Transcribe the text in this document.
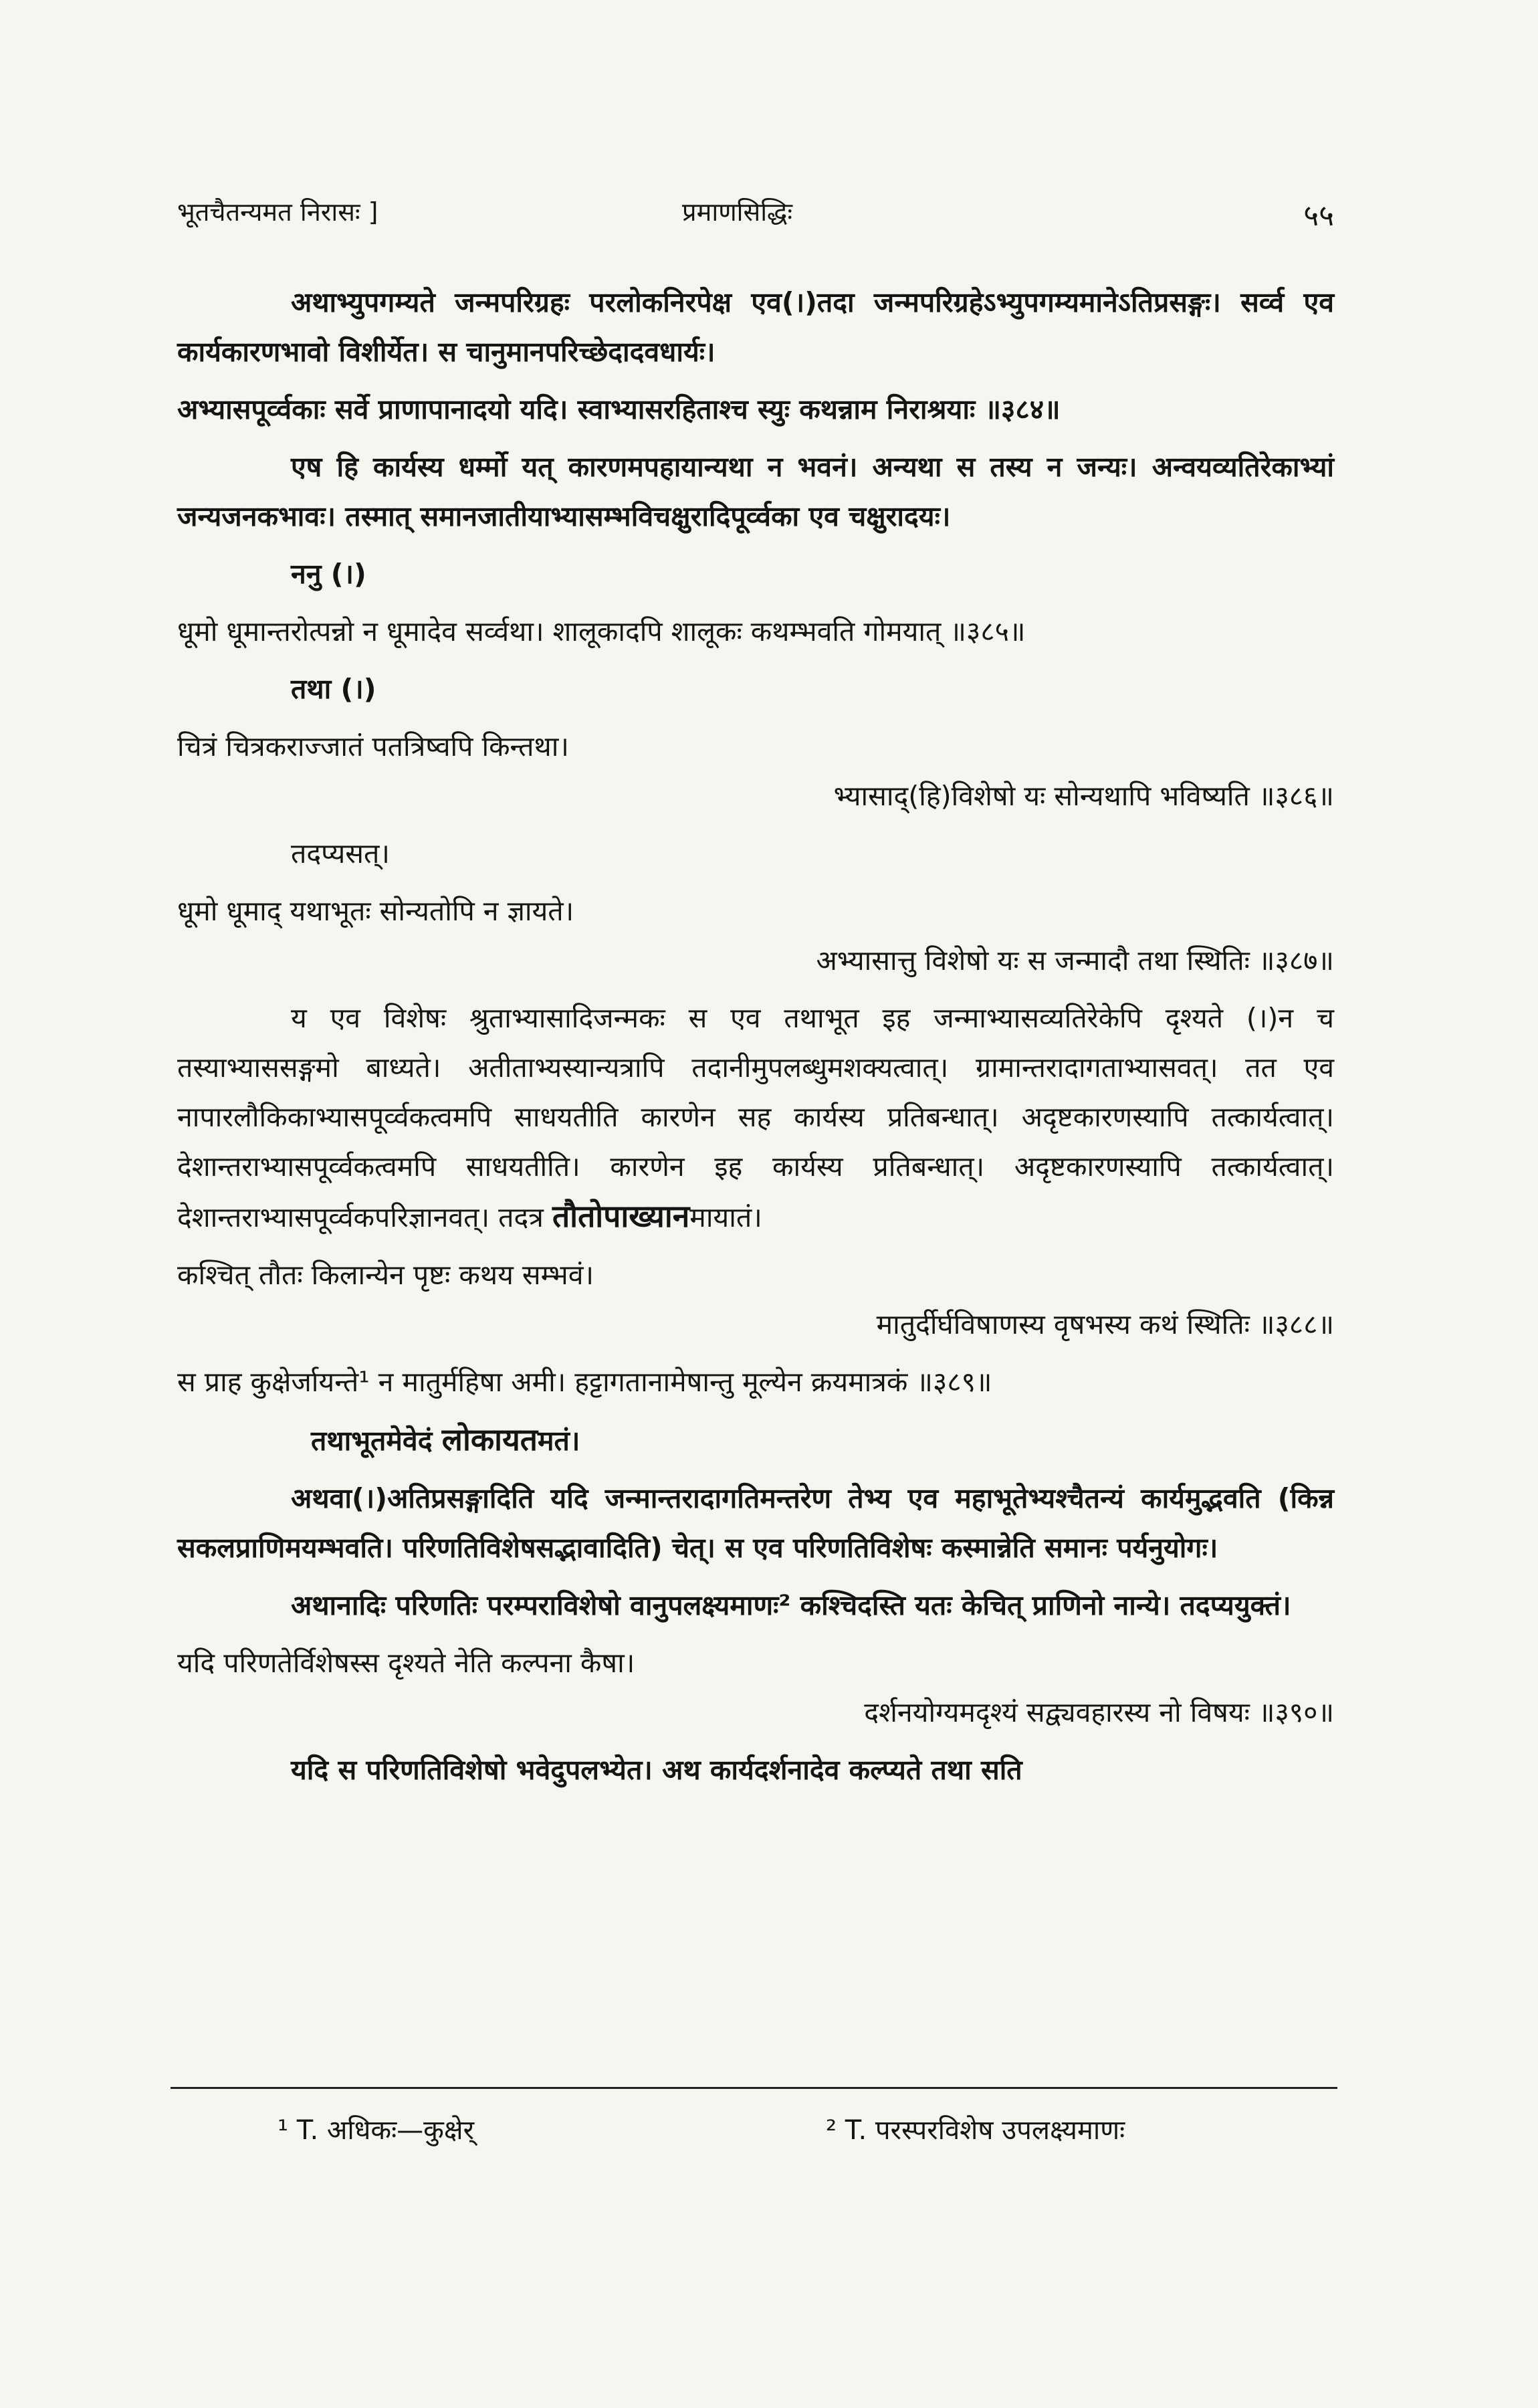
भूतचैतन्यमत निरासः ]	प्रमाणसिद्धिः	५५

अथाभ्युपगम्यते जन्मपरिग्रहः परलोकनिरपेक्ष एव(।)तदा जन्मपरिग्रहेऽभ्युपगम्यमानेऽतिप्रसङ्गः। सर्व्व एव कार्यकारणभावो विशीर्येत। स चानुमानपरिच्छेदादवधार्यः।

अभ्यासपूर्व्वकाः सर्वे प्राणापानादयो यदि। स्वाभ्यासरहिताश्च स्युः कथन्नाम निराश्रयाः ॥३८४॥

एष हि कार्यस्य धर्म्मो यत् कारणमपहायान्यथा न भवनं। अन्यथा स तस्य न जन्यः। अन्वयव्यतिरेकाभ्यां जन्यजनकभावः। तस्मात् समानजातीयाभ्यासम्भविचक्षुरादिपूर्व्वका एव चक्षुरादयः।

ननु (।)

धूमो धूमान्तरोत्पन्नो न धूमादेव सर्व्वथा। शालूकादपि शालूकः कथम्भवति गोमयात् ॥३८५॥

तथा (।)

चित्रं चित्रकराज्जातं पतत्रिष्वपि किन्तथा।

भ्यासाद्(हि)विशेषो यः सोन्यथापि भविष्यति ॥३८६॥

तदप्यसत्।

धूमो धूमाद् यथाभूतः सोन्यतोपि न ज्ञायते।

अभ्यासात्तु विशेषो यः स जन्मादौ तथा स्थितिः ॥३८७॥

य एव विशेषः श्रुताभ्यासादिजन्मकः स एव तथाभूत इह जन्माभ्यासव्यतिरेकेपि दृश्यते (।)न च तस्याभ्याससङ्गमो बाध्यते। अतीताभ्यस्यान्यत्रापि तदानीमुपलब्धुमशक्यत्वात्। ग्रामान्तरादागताभ्यासवत्। तत एव नापारलौकिकाभ्यासपूर्व्वकत्वमपि साधयतीति कारणेन सह कार्यस्य प्रतिबन्धात्। अदृष्टकारणस्यापि तत्कार्यत्वात्। देशान्तराभ्यासपूर्व्वकत्वमपि साधयतीति। कारणेन इह कार्यस्य प्रतिबन्धात्। अदृष्टकारणस्यापि तत्कार्यत्वात्। देशान्तराभ्यासपूर्व्वकपरिज्ञानवत्। तदत्र तौतोपाख्यानमायातं।

कश्चित् तौतः किलान्येन पृष्टः कथय सम्भवं।

मातुर्दीर्घविषाणस्य वृषभस्य कथं स्थितिः ॥३८८॥

स प्राह कुक्षेर्जायन्ते¹ न मातुर्महिषा अमी। हट्टागतानामेषान्तु मूल्येन क्रयमात्रकं ॥३८९॥

तथाभूतमेवेदं लोकायतमतं।

अथवा(।)अतिप्रसङ्गादिति यदि जन्मान्तरादागतिमन्तरेण तेभ्य एव महाभूतेभ्यश्चैतन्यं कार्यमुद्भवति (किन्न सकलप्राणिमयम्भवति। परिणतिविशेषसद्भावादिति) चेत्। स एव परिणतिविशेषः कस्मान्नेति समानः पर्यनुयोगः।

अथानादिः परिणतिः परम्पराविशेषो वानुपलक्ष्यमाणः² कश्चिदस्ति यतः केचित् प्राणिनो नान्ये। तदप्ययुक्तं।

यदि परिणतेर्विशेषस्स दृश्यते नेति कल्पना कैषा।

दर्शनयोग्यमदृश्यं सद्व्यवहारस्य नो विषयः ॥३९०॥

यदि स परिणतिविशेषो भवेदुपलभ्येत। अथ कार्यदर्शनादेव कल्प्यते तथा सति

¹ T. अधिकः—कुक्षेर्	² T. परस्परविशेष उपलक्ष्यमाणः
